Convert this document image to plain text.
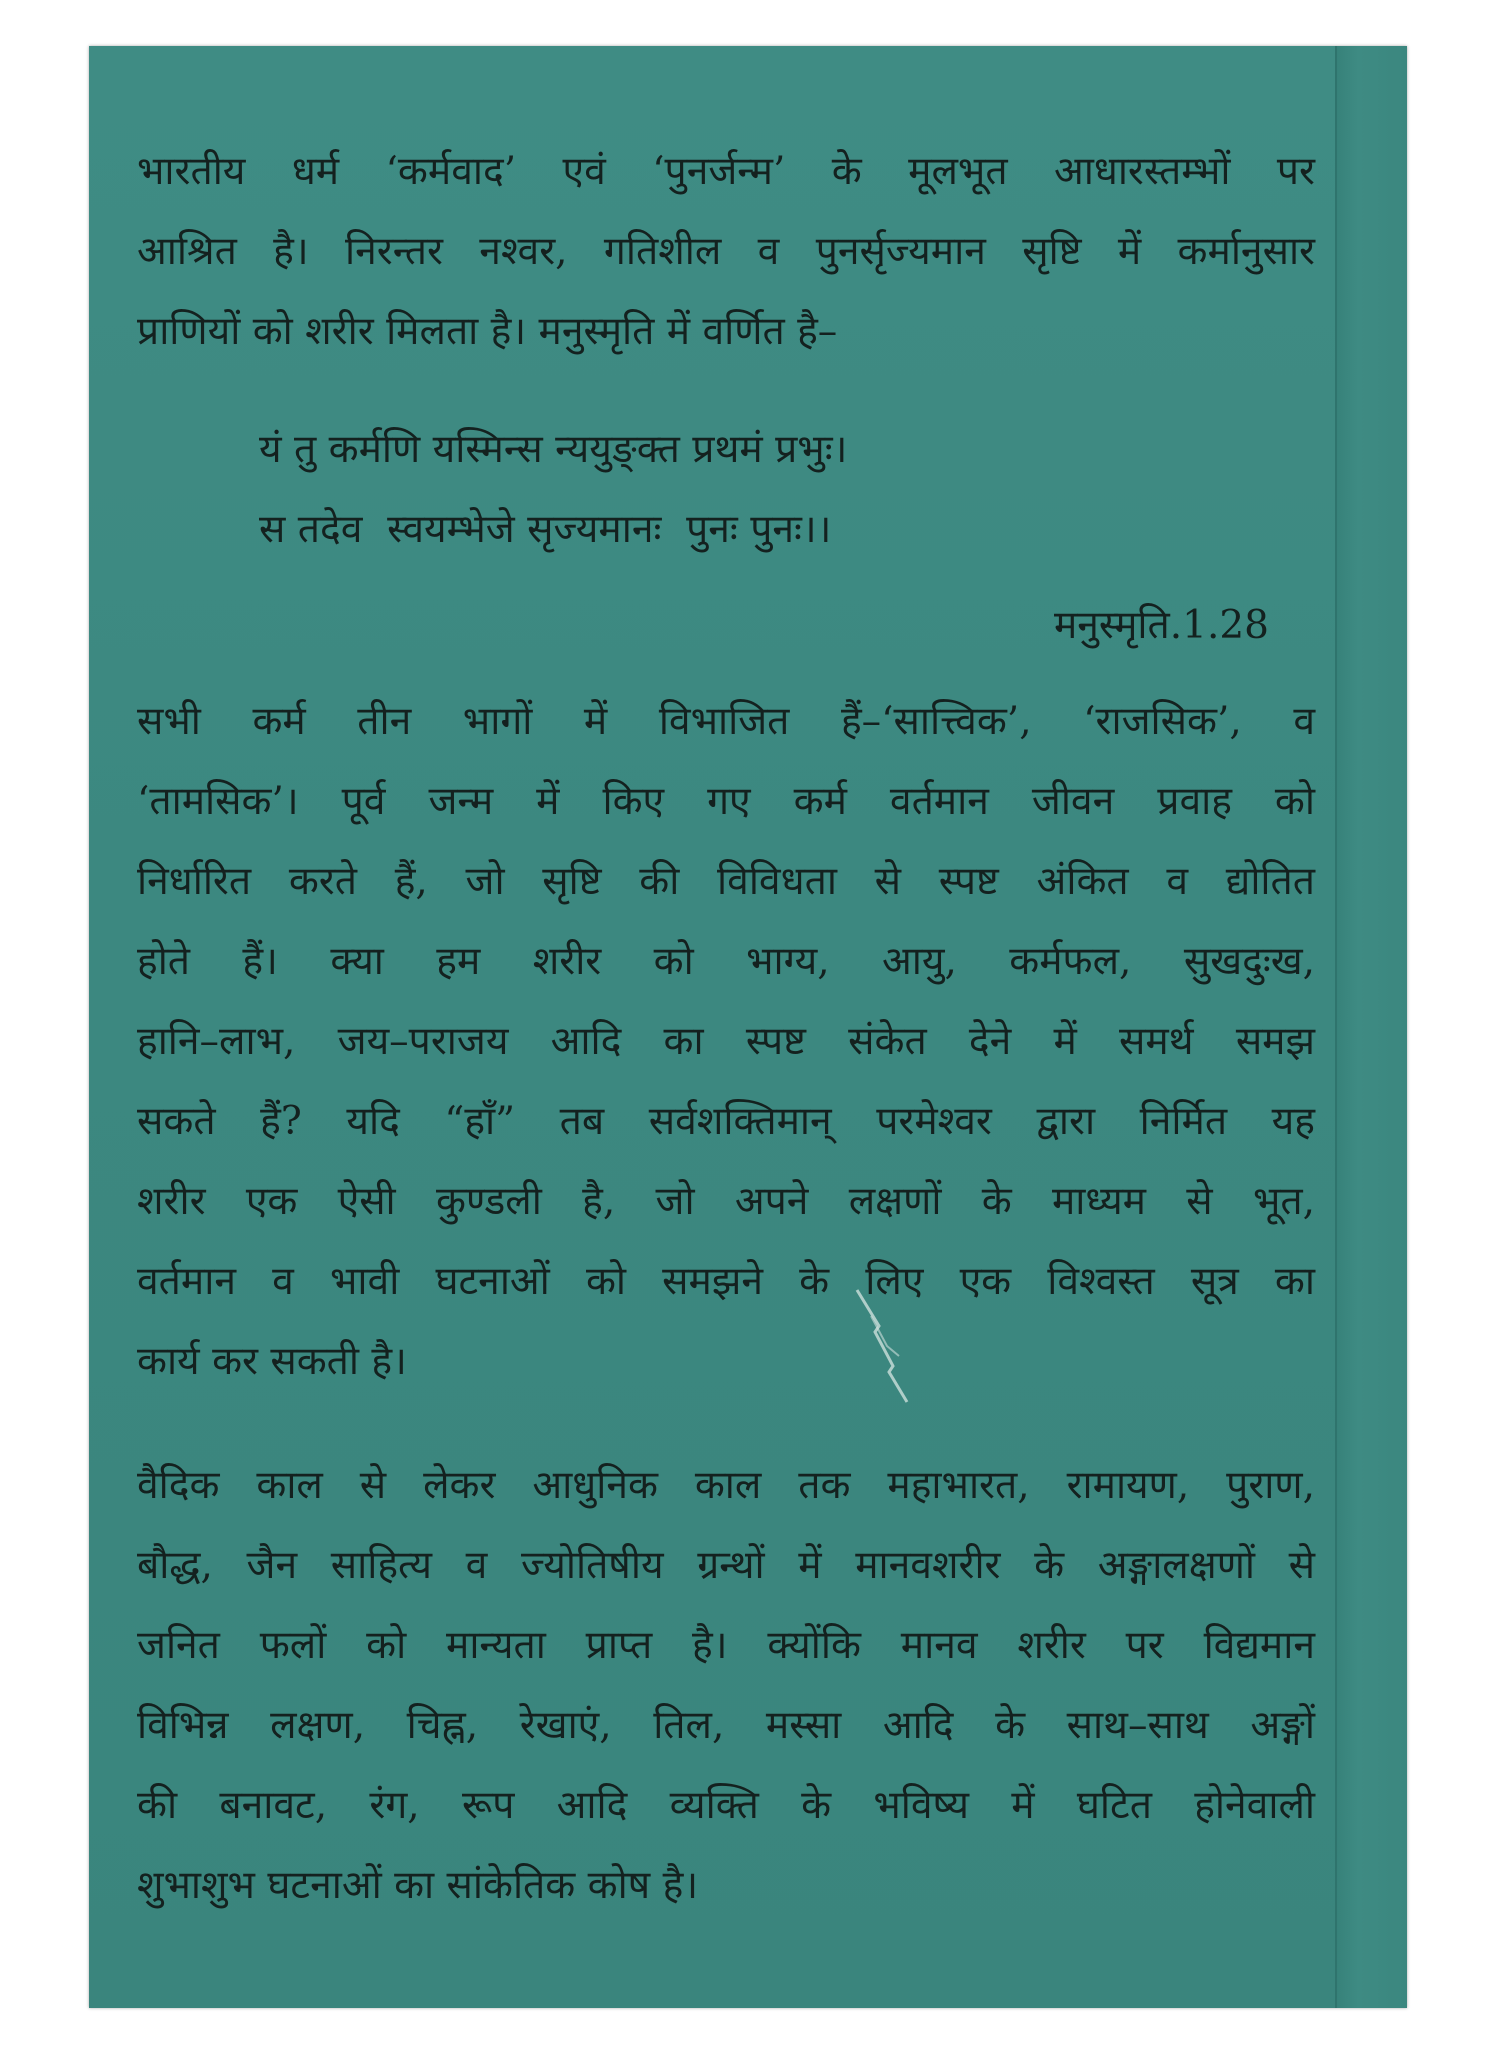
भारतीय धर्म ‘कर्मवाद’ एवं ‘पुनर्जन्म’ के मूलभूत आधारस्तम्भों पर
आश्रित है। निरन्तर नश्वर, गतिशील व पुनर्सृज्यमान सृष्टि में कर्मानुसार
प्राणियों को शरीर मिलता है। मनुस्मृति में वर्णित है–
यं तु कर्मणि यस्मिन्स न्ययुङ्क्त प्रथमं प्रभुः।
स तदेव  स्वयम्भेजे सृज्यमानः  पुनः पुनः।।
मनुस्मृति.1.28
सभी कर्म तीन भागों में विभाजित हैं–‘सात्त्विक’, ‘राजसिक’, व
‘तामसिक’। पूर्व जन्म में किए गए कर्म वर्तमान जीवन प्रवाह को
निर्धारित करते हैं, जो सृष्टि की विविधता से स्पष्ट अंकित व द्योतित
होते हैं। क्या हम शरीर को भाग्य, आयु, कर्मफल, सुखदुःख,
हानि–लाभ, जय–पराजय आदि का स्पष्ट संकेत देने में समर्थ समझ
सकते हैं? यदि “हाँ” तब सर्वशक्तिमान् परमेश्वर द्वारा निर्मित यह
शरीर एक ऐसी कुण्डली है, जो अपने लक्षणों के माध्यम से भूत,
वर्तमान व भावी घटनाओं को समझने के लिए एक विश्वस्त सूत्र का
कार्य कर सकती है।
वैदिक काल से लेकर आधुनिक काल तक महाभारत, रामायण, पुराण,
बौद्ध, जैन साहित्य व ज्योतिषीय ग्रन्थों में मानवशरीर के अङ्गालक्षणों से
जनित फलों को मान्यता प्राप्त है। क्योंकि मानव शरीर पर विद्यमान
विभिन्न लक्षण, चिह्न, रेखाएं, तिल, मस्सा आदि के साथ–साथ अङ्गों
की बनावट, रंग, रूप आदि व्यक्ति के भविष्य में घटित होनेवाली
शुभाशुभ घटनाओं का सांकेतिक कोष है।
